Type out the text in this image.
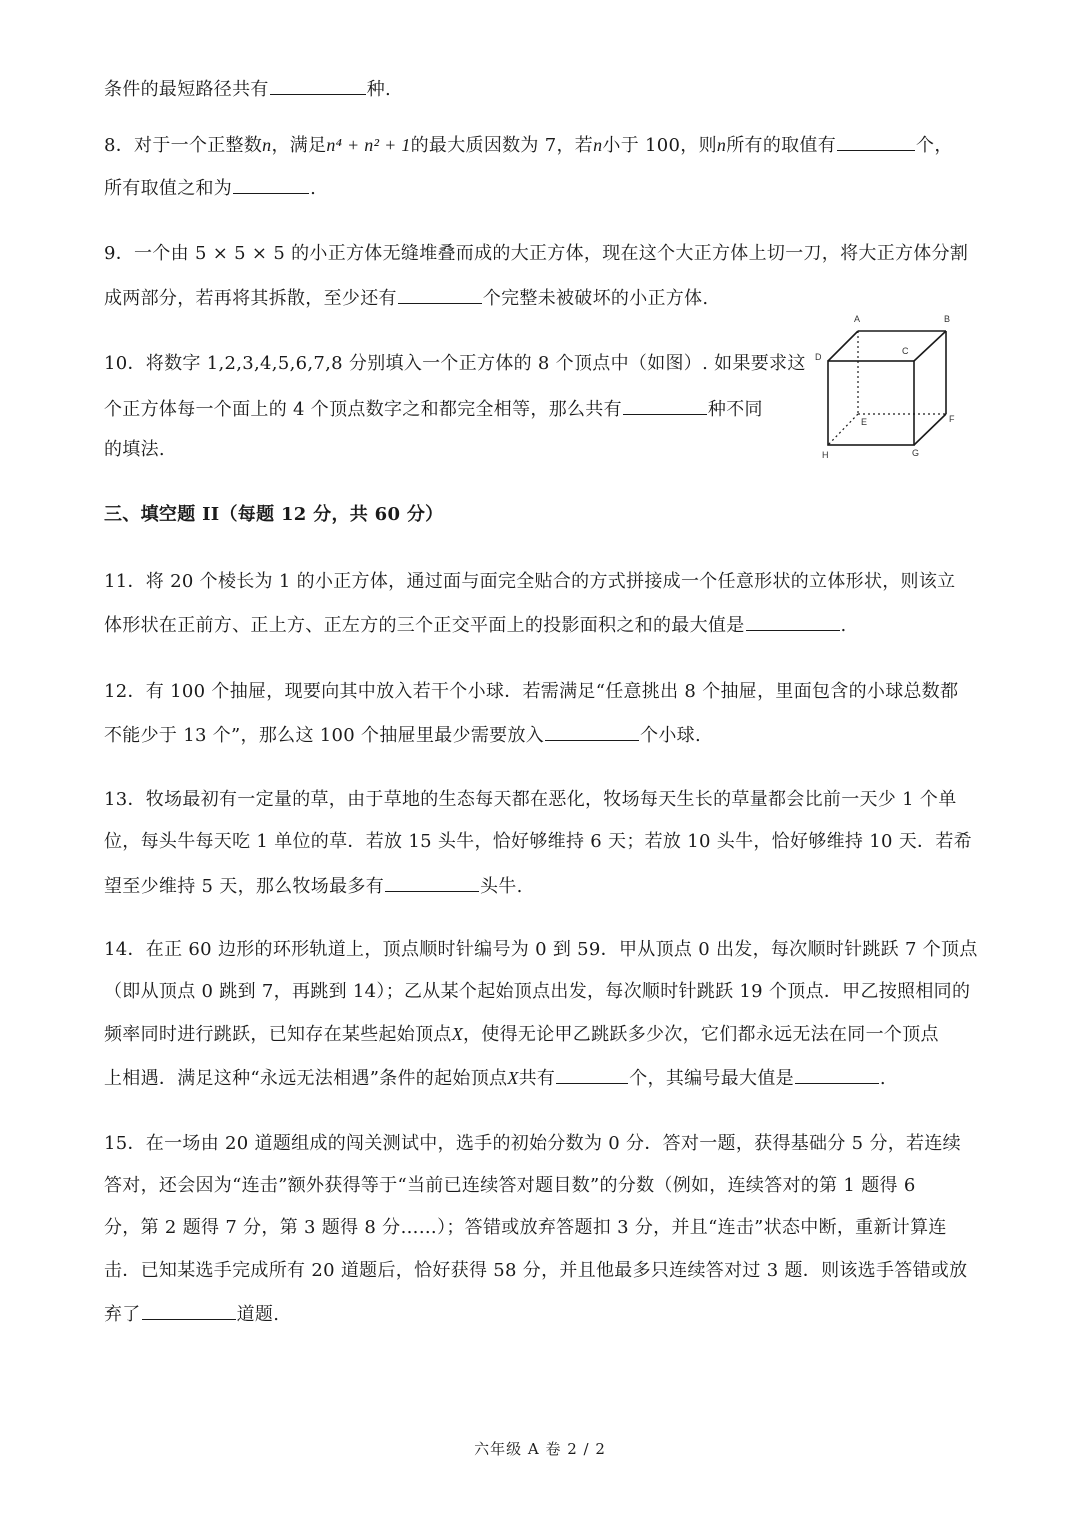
条件的最短路径共有	种.
8．对于一个正整数n，满足n⁴ + n² + 1的最大质因数为 7，若n小于 100，则n所有的取值有	个，
所有取值之和为	.
9．一个由 5 × 5 × 5 的小正方体无缝堆叠而成的大正方体，现在这个大正方体上切一刀，将大正方体分割
成两部分，若再将其拆散，至少还有	个完整未被破坏的小正方体.
10．将数字 1,2,3,4,5,6,7,8 分别填入一个正方体的 8 个顶点中（如图）. 如果要求这
个正方体每一个面上的 4 个顶点数字之和都完全相等，那么共有	种不同
的填法.
A	B
C
D
E	F
G
H
三、填空题 II（每题 12 分，共 60 分）
11．将 20 个棱长为 1 的小正方体，通过面与面完全贴合的方式拼接成一个任意形状的立体形状，则该立
体形状在正前方、正上方、正左方的三个正交平面上的投影面积之和的最大值是	.
12．有 100 个抽屉，现要向其中放入若干个小球．若需满足“任意挑出 8 个抽屉，里面包含的小球总数都
不能少于 13 个”，那么这 100 个抽屉里最少需要放入	个小球.
13．牧场最初有一定量的草，由于草地的生态每天都在恶化，牧场每天生长的草量都会比前一天少 1 个单
位，每头牛每天吃 1 单位的草．若放 15 头牛，恰好够维持 6 天；若放 10 头牛，恰好够维持 10 天．若希
望至少维持 5 天，那么牧场最多有	头牛.
14．在正 60 边形的环形轨道上，顶点顺时针编号为 0 到 59．甲从顶点 0 出发，每次顺时针跳跃 7 个顶点
（即从顶点 0 跳到 7，再跳到 14）；乙从某个起始顶点出发，每次顺时针跳跃 19 个顶点．甲乙按照相同的
频率同时进行跳跃，已知存在某些起始顶点X，使得无论甲乙跳跃多少次，它们都永远无法在同一个顶点
上相遇．满足这种“永远无法相遇”条件的起始顶点X共有	个，其编号最大值是	.
15．在一场由 20 道题组成的闯关测试中，选手的初始分数为 0 分．答对一题，获得基础分 5 分，若连续
答对，还会因为“连击”额外获得等于“当前已连续答对题目数”的分数（例如，连续答对的第 1 题得 6
分，第 2 题得 7 分，第 3 题得 8 分……）；答错或放弃答题扣 3 分，并且“连击”状态中断，重新计算连
击．已知某选手完成所有 20 道题后，恰好获得 58 分，并且他最多只连续答对过 3 题．则该选手答错或放
弃了	道题.
六年级 A 卷 2 / 2
